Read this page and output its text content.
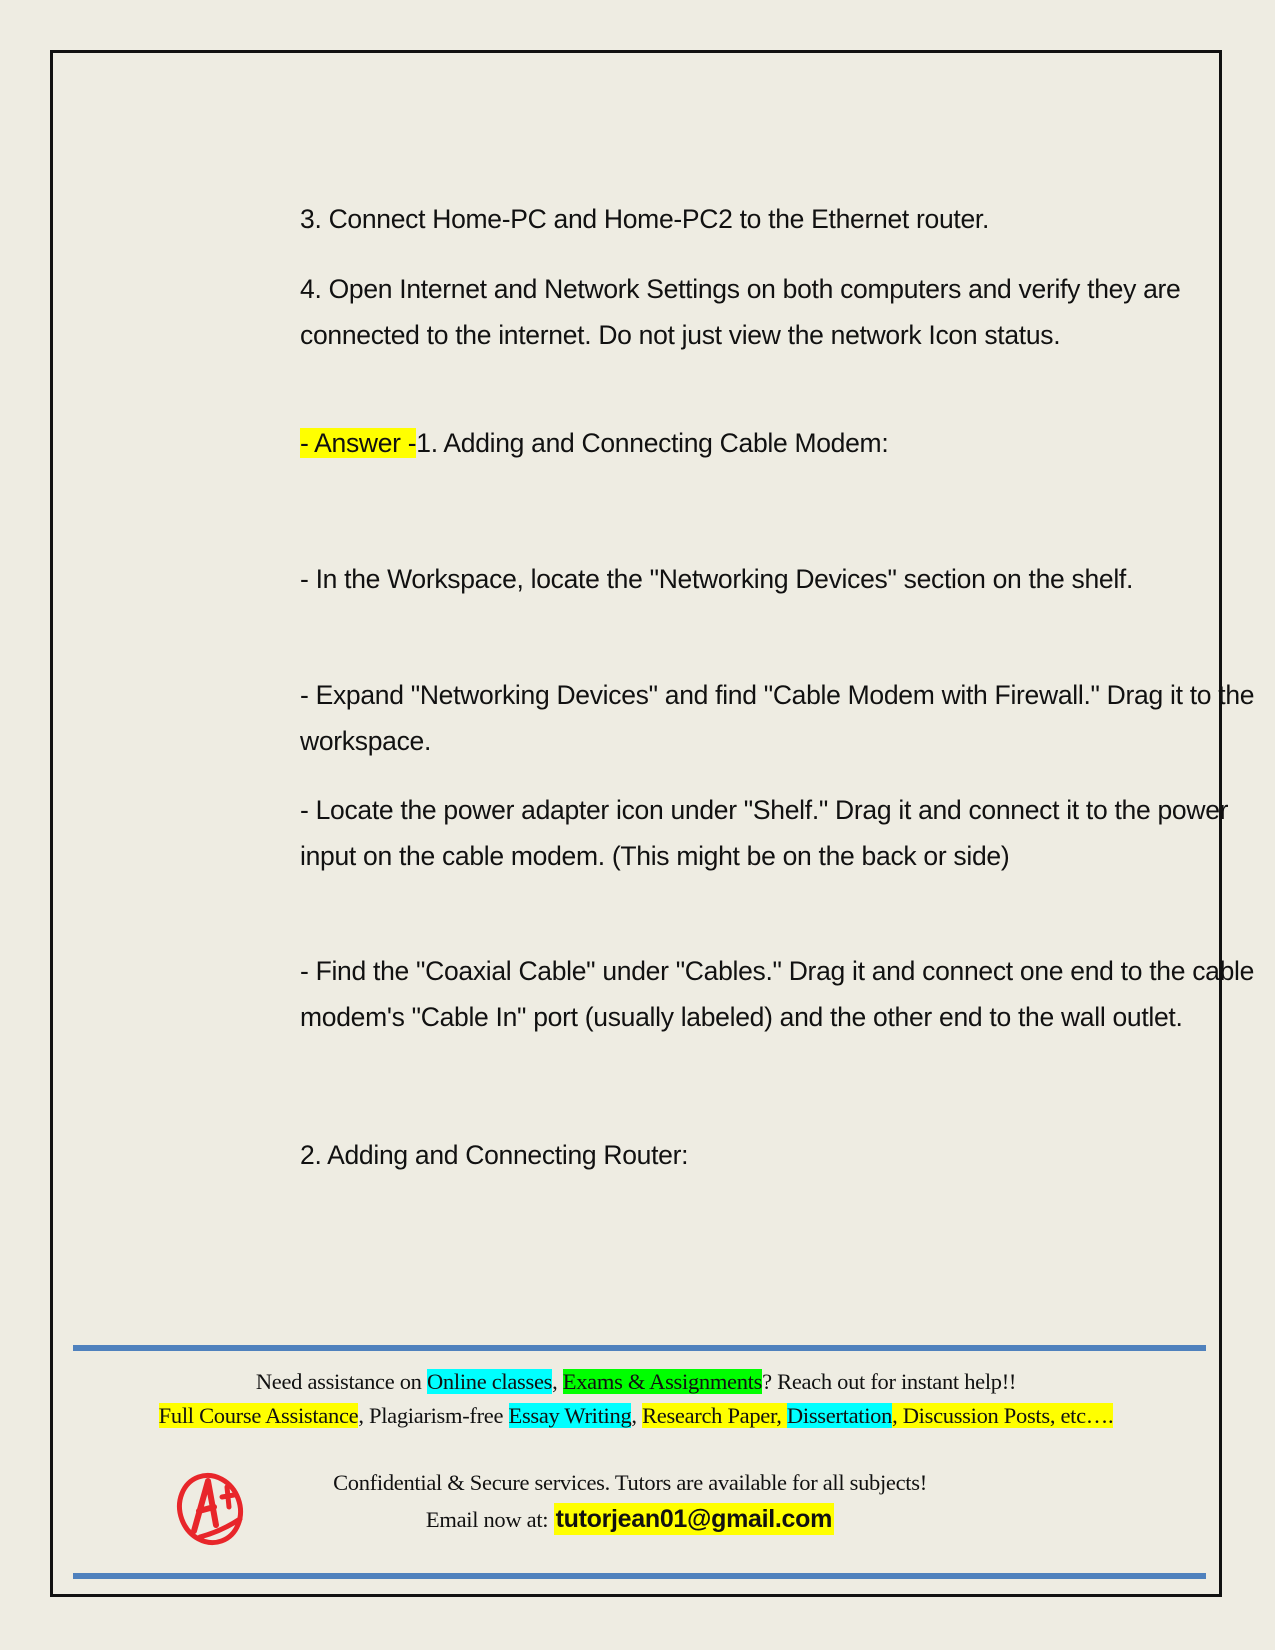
3. Connect Home-PC and Home-PC2 to the Ethernet router.

4. Open Internet and Network Settings on both computers and verify they are connected to the internet. Do not just view the network Icon status.

- Answer -1. Adding and Connecting Cable Modem:

- In the Workspace, locate the "Networking Devices" section on the shelf.

- Expand "Networking Devices" and find "Cable Modem with Firewall." Drag it to the workspace.

- Locate the power adapter icon under "Shelf." Drag it and connect it to the power input on the cable modem. (This might be on the back or side)

- Find the "Coaxial Cable" under "Cables." Drag it and connect one end to the cable modem's "Cable In" port (usually labeled) and the other end to the wall outlet.

2. Adding and Connecting Router:

Need assistance on Online classes, Exams & Assignments? Reach out for instant help!!
Full Course Assistance, Plagiarism-free Essay Writing, Research Paper, Dissertation, Discussion Posts, etc….
Confidential & Secure services. Tutors are available for all subjects!
Email now at: tutorjean01@gmail.com
